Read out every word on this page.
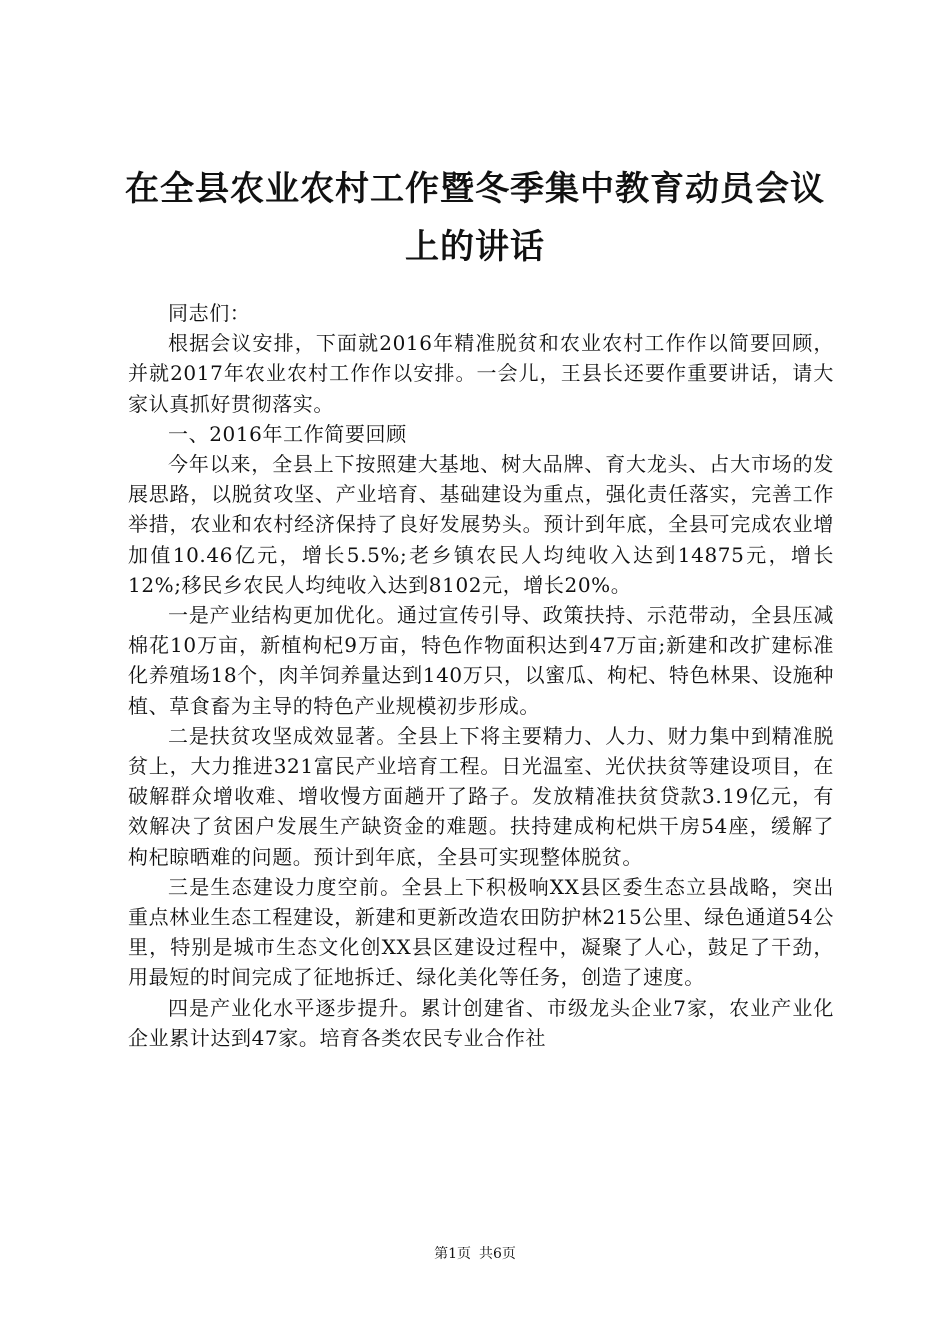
在全县农业农村工作暨冬季集中教育动员会议
上的讲话

同志们：

根据会议安排，下面就2016年精准脱贫和农业农村工作作以简要回顾，并就2017年农业农村工作作以安排。一会儿，王县长还要作重要讲话，请大家认真抓好贯彻落实。

一、2016年工作简要回顾

今年以来，全县上下按照建大基地、树大品牌、育大龙头、占大市场的发展思路，以脱贫攻坚、产业培育、基础建设为重点，强化责任落实，完善工作举措，农业和农村经济保持了良好发展势头。预计到年底，全县可完成农业增加值10.46亿元，增长5.5%;老乡镇农民人均纯收入达到14875元，增长12%;移民乡农民人均纯收入达到8102元，增长20%。

一是产业结构更加优化。通过宣传引导、政策扶持、示范带动，全县压减棉花10万亩，新植枸杞9万亩，特色作物面积达到47万亩;新建和改扩建标准化养殖场18个，肉羊饲养量达到140万只，以蜜瓜、枸杞、特色林果、设施种植、草食畜为主导的特色产业规模初步形成。

二是扶贫攻坚成效显著。全县上下将主要精力、人力、财力集中到精准脱贫上，大力推进321富民产业培育工程。日光温室、光伏扶贫等建设项目，在破解群众增收难、增收慢方面趟开了路子。发放精准扶贫贷款3.19亿元，有效解决了贫困户发展生产缺资金的难题。扶持建成枸杞烘干房54座，缓解了枸杞晾晒难的问题。预计到年底，全县可实现整体脱贫。

三是生态建设力度空前。全县上下积极响XX县区委生态立县战略，突出重点林业生态工程建设，新建和更新改造农田防护林215公里、绿色通道54公里，特别是城市生态文化创XX县区建设过程中，凝聚了人心，鼓足了干劲，用最短的时间完成了征地拆迁、绿化美化等任务，创造了速度。

四是产业化水平逐步提升。累计创建省、市级龙头企业7家，农业产业化企业累计达到47家。培育各类农民专业合作社

第1页 共6页
